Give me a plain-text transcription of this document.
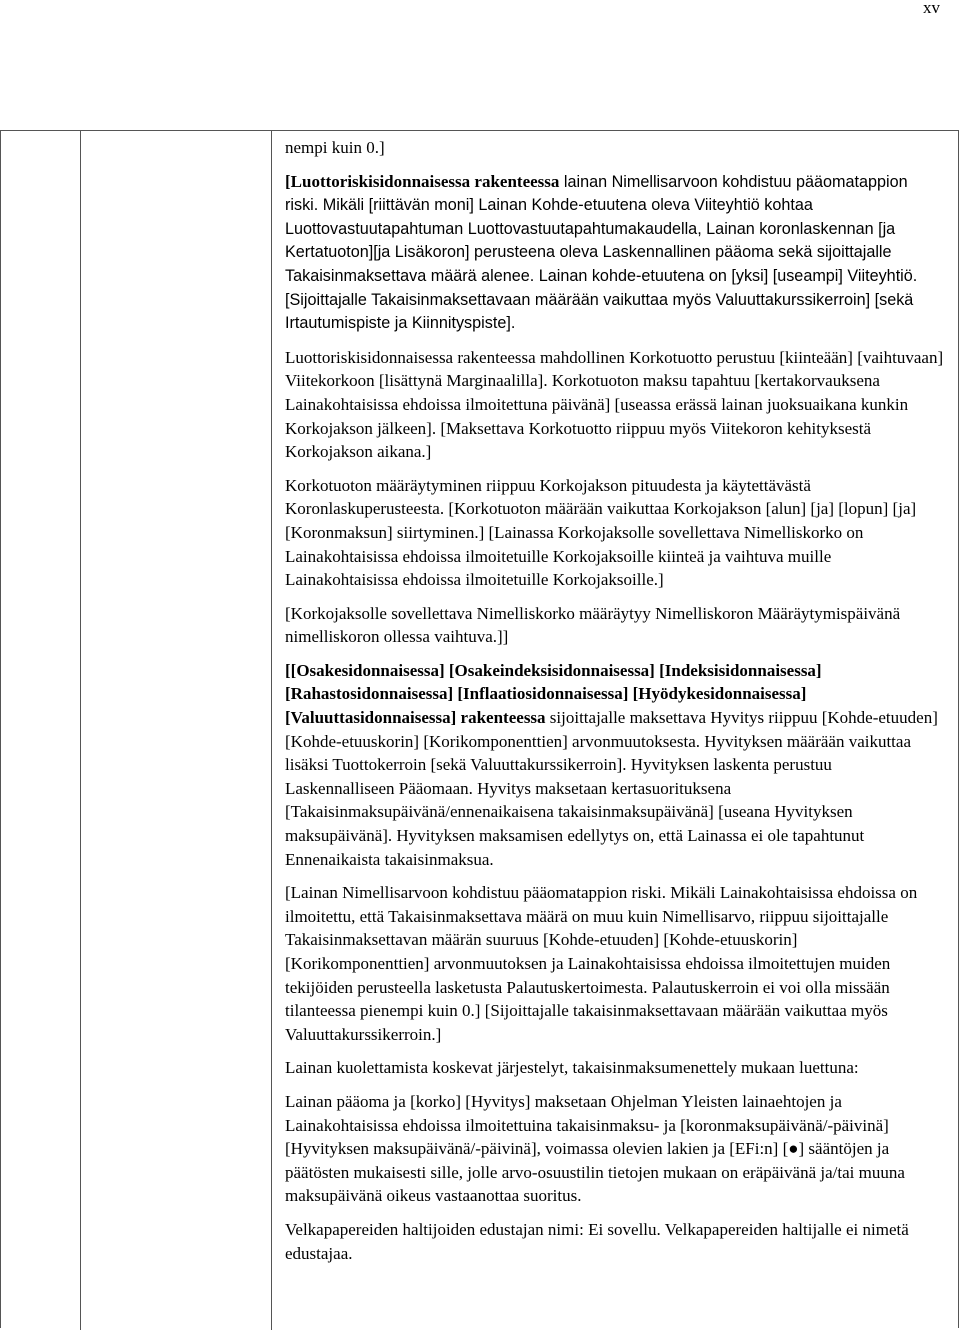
xv

nempi kuin 0.]

[Luottoriskisidonnaisessa rakenteessa lainan Nimellisarvoon kohdistuu pääomatappion riski. Mikäli [riittävän moni] Lainan Kohde-etuutena oleva Viiteyhtiö kohtaa Luottovastuutapahtuman Luottovastuutapahtumakaudella, Lainan koronlaskennan [ja Kertatuoton][ja Lisäkoron] perusteena oleva Laskennallinen pääoma sekä sijoittajalle Takaisinmaksettava määrä alenee. Lainan kohde-etuutena on [yksi] [useampi] Viiteyhtiö. [Sijoittajalle Takaisinmaksettavaan määrään vaikuttaa myös Valuuttakurssikerroin] [sekä Irtautumispiste ja Kiinnityspiste].

Luottoriskisidonnaisessa rakenteessa mahdollinen Korkotuotto perustuu [kiinteään] [vaihtuvaan] Viitekorkoon [lisättynä Marginaalilla]. Korkotuoton maksu tapahtuu [kertakorvauksena Lainakohtaisissa ehdoissa ilmoitettuna päivänä] [useassa erässä lainan juoksuaikana kunkin Korkojakson jälkeen]. [Maksettava Korkotuotto riippuu myös Viitekoron kehityksestä Korkojakson aikana.]

Korkotuoton määräytyminen riippuu Korkojakson pituudesta ja käytettävästä Koronlaskuperusteesta. [Korkotuoton määrään vaikuttaa Korkojakson [alun] [ja] [lopun] [ja] [Koronmaksun] siirtyminen.] [Lainassa Korkojaksolle sovellettava Nimelliskorko on Lainakohtaisissa ehdoissa ilmoitetuille Korkojaksoille kiinteä ja vaihtuva muille Lainakohtaisissa ehdoissa ilmoitetuille Korkojaksoille.]

[Korkojaksolle sovellettava Nimelliskorko määräytyy Nimelliskoron Määräytymispäivänä nimelliskoron ollessa vaihtuva.]]

[[Osakesidonnaisessa] [Osakeindeksisidonnaisessa] [Indeksisidonnaisessa] [Rahastosidonnaisessa] [Inflaatiosidonnaisessa] [Hyödykesidonnaisessa] [Valuuttasidonnaisessa] rakenteessa sijoittajalle maksettava Hyvitys riippuu [Kohde-etuuden] [Kohde-etuuskorin] [Korikomponenttien] arvonmuutoksesta. Hyvityksen määrään vaikuttaa lisäksi Tuottokerroin [sekä Valuuttakurssikerroin]. Hyvityksen laskenta perustuu Laskennalliseen Pääomaan. Hyvitys maksetaan kertasuorituksena [Takaisinmaksupäivänä/ennenaikaisena takaisinmaksupäivänä] [useana Hyvityksen maksupäivänä]. Hyvityksen maksamisen edellytys on, että Lainassa ei ole tapahtunut Ennenaikaista takaisinmaksua.

[Lainan Nimellisarvoon kohdistuu pääomatappion riski. Mikäli Lainakohtaisissa ehdoissa on ilmoitettu, että Takaisinmaksettava määrä on muu kuin Nimellisarvo, riippuu sijoittajalle Takaisinmaksettavan määrän suuruus [Kohde-etuuden] [Kohde-etuuskorin] [Korikomponenttien] arvonmuutoksen ja Lainakohtaisissa ehdoissa ilmoitettujen muiden tekijöiden perusteella lasketusta Palautuskertoimesta. Palautuskerroin ei voi olla missään tilanteessa pienempi kuin 0.] [Sijoittajalle takaisinmaksettavaan määrään vaikuttaa myös Valuuttakurssikerroin.]

Lainan kuolettamista koskevat järjestelyt, takaisinmaksumenettely mukaan luettuna:

Lainan pääoma ja [korko] [Hyvitys] maksetaan Ohjelman Yleisten lainaehtojen ja Lainakohtaisissa ehdoissa ilmoitettuina takaisinmaksu- ja [koronmaksupäivänä/-päivinä] [Hyvityksen maksupäivänä/-päivinä], voimassa olevien lakien ja [EFi:n] [●] sääntöjen ja päätösten mukaisesti sille, jolle arvo-osuustilin tietojen mukaan on eräpäivänä ja/tai muuna maksupäivänä oikeus vastaanottaa suoritus.

Velkapapereiden haltijoiden edustajan nimi: Ei sovellu. Velkapapereiden haltijalle ei nimetä edustajaa.
